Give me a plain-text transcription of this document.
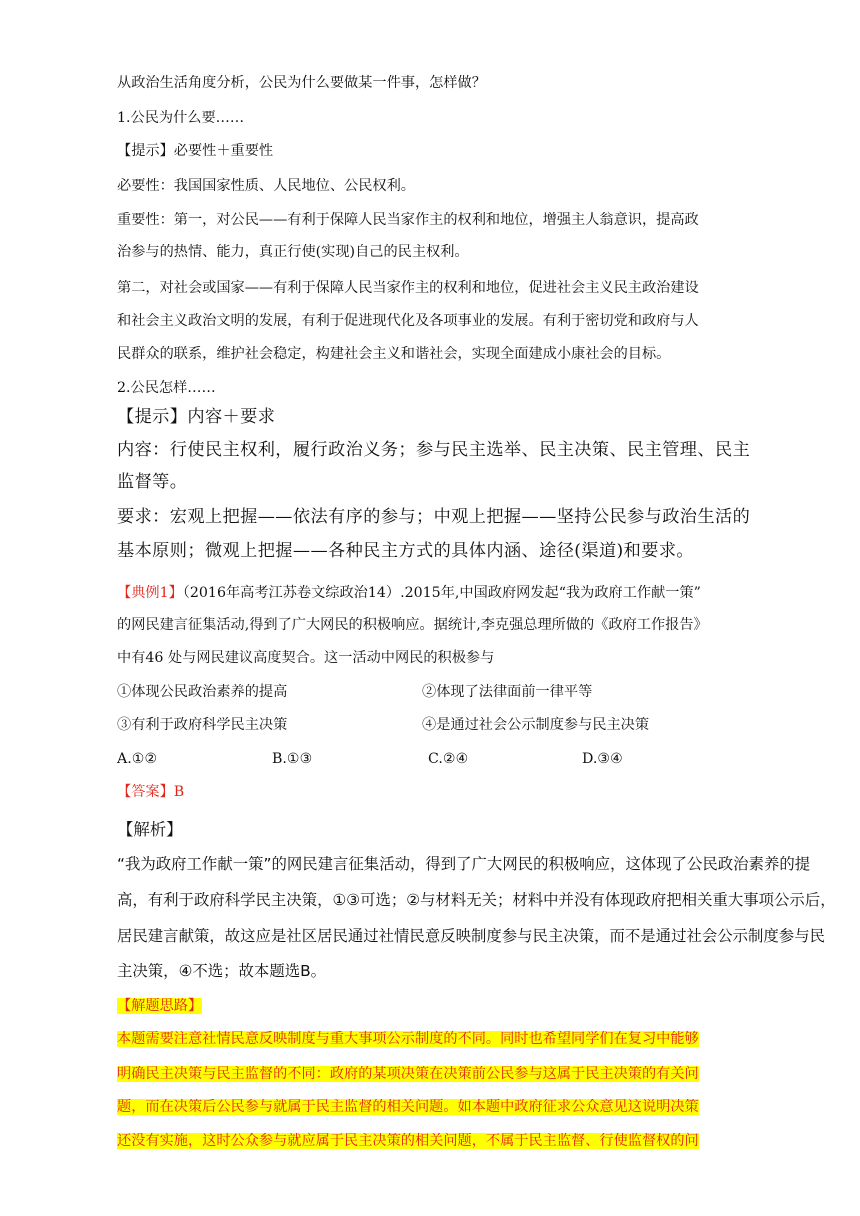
从政治生活角度分析，公民为什么要做某一件事，怎样做？
1.公民为什么要……
【提示】必要性＋重要性
必要性：我国国家性质、人民地位、公民权利。
重要性：第一，对公民——有利于保障人民当家作主的权利和地位，增强主人翁意识，提高政
治参与的热情、能力，真正行使(实现)自己的民主权利。
第二，对社会或国家——有利于保障人民当家作主的权利和地位，促进社会主义民主政治建设
和社会主义政治文明的发展，有利于促进现代化及各项事业的发展。有利于密切党和政府与人
民群众的联系，维护社会稳定，构建社会主义和谐社会，实现全面建成小康社会的目标。
2.公民怎样……
【提示】内容＋要求
内容：行使民主权利，履行政治义务；参与民主选举、民主决策、民主管理、民主
监督等。
要求：宏观上把握——依法有序的参与；中观上把握——坚持公民参与政治生活的
基本原则；微观上把握——各种民主方式的具体内涵、途径(渠道)和要求。
【典例1】（2016年高考江苏卷文综政治14）.2015年,中国政府网发起“我为政府工作献一策”
的网民建言征集活动,得到了广大网民的积极响应。据统计,李克强总理所做的《政府工作报告》
中有46 处与网民建议高度契合。这一活动中网民的积极参与
①体现公民政治素养的提高	②体现了法律面前一律平等
③有利于政府科学民主决策	④是通过社会公示制度参与民主决策
A.①②	B.①③	C.②④	D.③④
【答案】B
【解析】
“我为政府工作献一策”的网民建言征集活动，得到了广大网民的积极响应，这体现了公民政治素养的提
高，有利于政府科学民主决策，①③可选；②与材料无关；材料中并没有体现政府把相关重大事项公示后，
居民建言献策，故这应是社区居民通过社情民意反映制度参与民主决策，而不是通过社会公示制度参与民
主决策，④不选；故本题选B。
【解题思路】
本题需要注意社情民意反映制度与重大事项公示制度的不同。同时也希望同学们在复习中能够
明确民主决策与民主监督的不同：政府的某项决策在决策前公民参与这属于民主决策的有关问
题，而在决策后公民参与就属于民主监督的相关问题。如本题中政府征求公众意见这说明决策
还没有实施，这时公众参与就应属于民主决策的相关问题，不属于民主监督、行使监督权的问
